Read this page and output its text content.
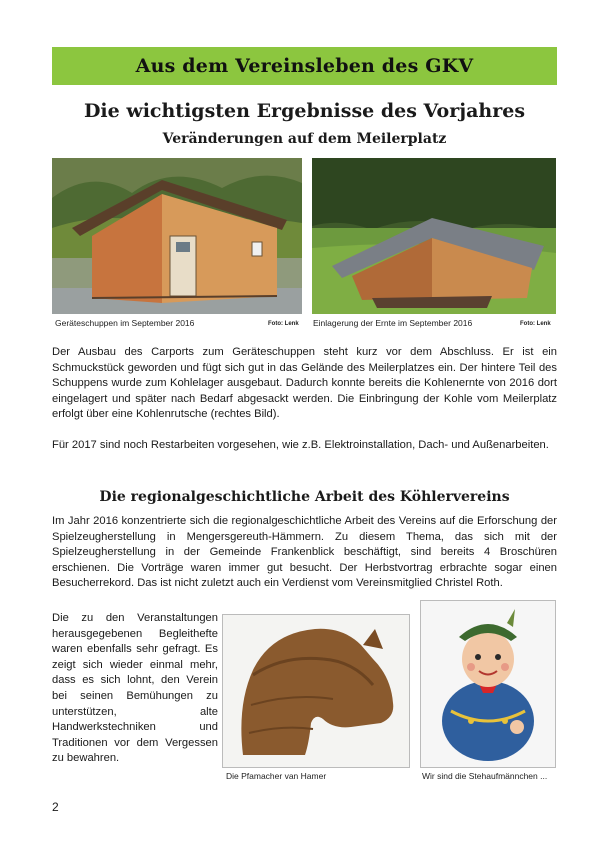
Aus dem Vereinsleben des GKV
Die wichtigsten Ergebnisse des Vorjahres
Veränderungen auf dem Meilerplatz
Geräteschuppen im September 2016	Foto: Lenk Einlagerung der Ernte im September 2016	Foto: Lenk

Der Ausbau des Carports zum Geräteschuppen steht kurz vor dem Abschluss. Er ist ein Schmuckstück geworden und fügt sich gut in das Gelände des Meilerplatzes ein. Der hintere Teil des Schuppens wurde zum Kohlelager ausgebaut. Dadurch konnte bereits die Kohlenernte von 2016 dort eingelagert und später nach Bedarf abgesackt werden. Die Einbringung der Kohle vom Meilerplatz erfolgt über eine Kohlenrutsche (rechtes Bild).

Für 2017 sind noch Restarbeiten vorgesehen, wie z.B. Elektroinstallation, Dach- und Außenarbeiten.

Die regionalgeschichtliche Arbeit des Köhlervereins

Im Jahr 2016 konzentrierte sich die regionalgeschichtliche Arbeit des Vereins auf die Erforschung der Spielzeugherstellung in Mengersgereuth-Hämmern. Zu diesem Thema, das sich mit der Spielzeugherstellung in der Gemeinde Frankenblick beschäftigt, sind bereits 4 Broschüren erschienen. Die Vorträge waren immer gut besucht. Der Herbstvortrag erbrachte sogar einen Besucherrekord. Das ist nicht zuletzt auch ein Verdienst vom Vereinsmitglied Christel Roth.

Die zu den Veranstaltungen herausgegebenen Begleithefte waren ebenfalls sehr gefragt. Es zeigt sich wieder einmal mehr, dass es sich lohnt, den Verein bei seinen Bemühungen zu unterstützen, alte Handwerkstechniken und Traditionen vor dem Vergessen zu bewahren.

Die Pfamacher van Hamer	Wir sind die Stehaufmännchen ...
2
